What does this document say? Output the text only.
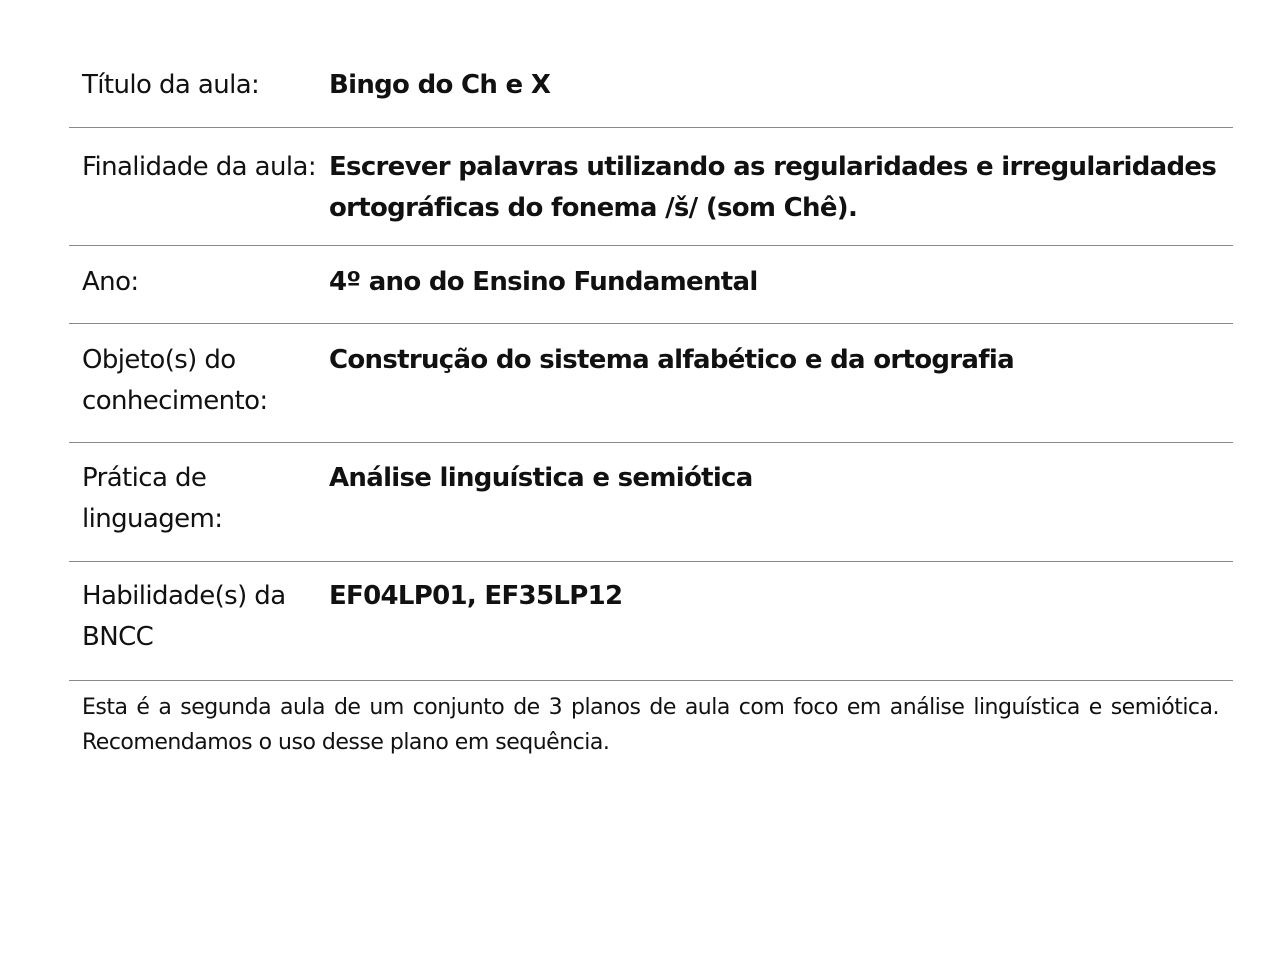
Título da aula:	Bingo do Ch e X
Finalidade da aula: Escrever palavras utilizando as regularidades e irregularidades ortográficas do fonema /š/ (som Chê).
Ano:	4º ano do Ensino Fundamental
Objeto(s) do conhecimento:
Construção do sistema alfabético e da ortografia
Prática de linguagem:
Análise linguística e semiótica
Habilidade(s) da BNCC
EF04LP01, EF35LP12
Esta é a segunda aula de um conjunto de 3 planos de aula com foco em análise linguística e semiótica. Recomendamos o uso desse plano em sequência.
